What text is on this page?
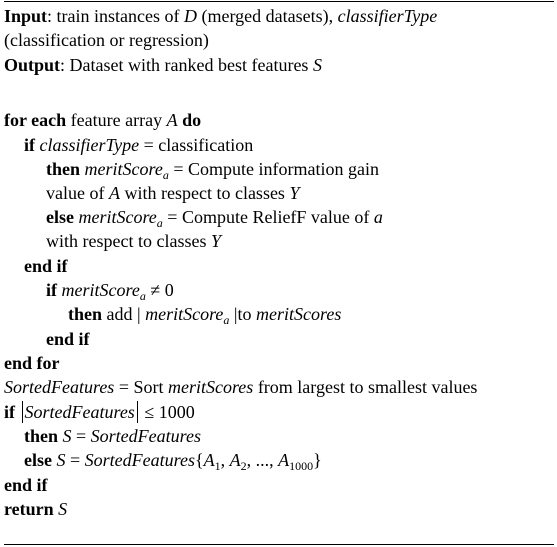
Input: train instances of D (merged datasets), classifierType
(classification or regression)
Output: Dataset with ranked best features S
for each feature array A do
if classifierType = classification
then meritScore$_a$ = Compute information gain
value of A with respect to classes Y
else meritScore$_a$ = Compute ReliefF value of a
with respect to classes Y
end if
if meritScore$_a$ ≠ 0
then add | meritScore$_a$ |to meritScores
end if
end for
SortedFeatures = Sort meritScores from largest to smallest values
if SortedFeatures ≤ 1000
then S = SortedFeatures
else $S = SortedFeatures\{A_1$, $A_2$, ..., $A_{1000}$}
end if
return S
